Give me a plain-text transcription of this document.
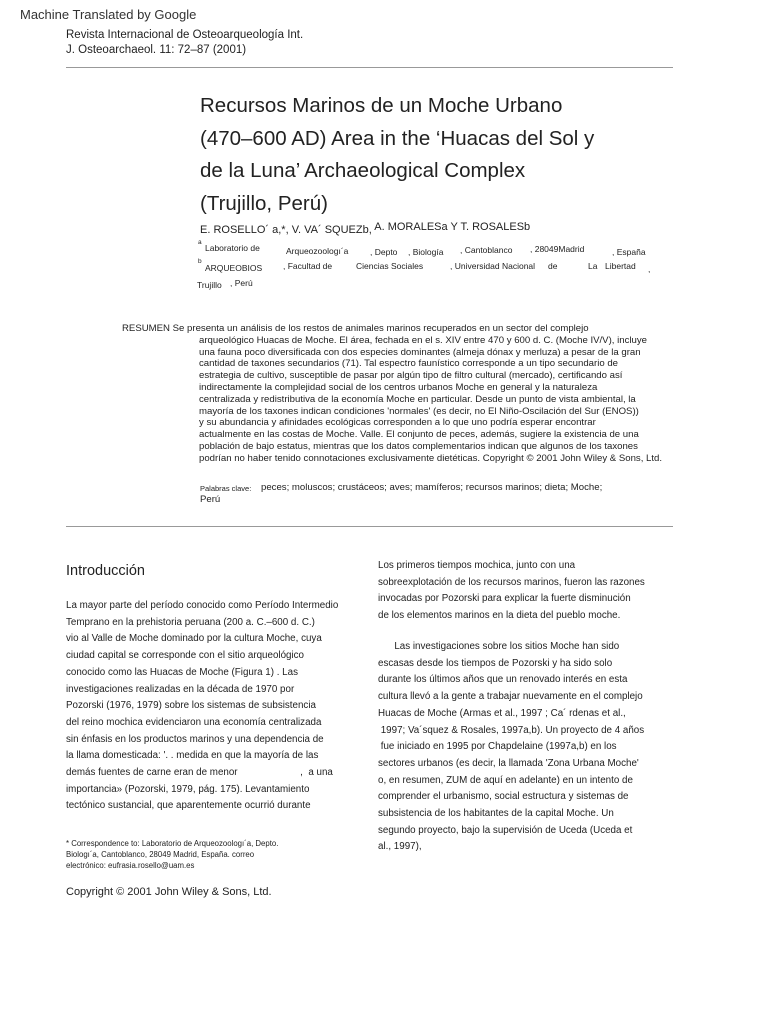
Machine Translated by Google
Revista Internacional de Osteoarqueología Int.
J. Osteoarchaeol. 11: 72–87 (2001)
Recursos Marinos de un Moche Urbano
(470–600 AD) Area in the ‘Huacas del Sol y
de la Luna’ Archaeological Complex
(Trujillo, Perú)
E. ROSELLO´ a,*, V. VA´ SQUEZb, A. MORALESa Y T. ROSALESb
a
Laboratorio de	Arqueozoologı´a	, Depto , Biología , Cantoblanco , 28049Madrid	, España
b
ARQUEOBIOS , Facultad de	Ciencias Sociales	, Universidad Nacional de	La Libertad ,
Trujillo , Perú
RESUMEN Se presenta un análisis de los restos de animales marinos recuperados en un sector del complejo
arqueológico Huacas de Moche. El área, fechada en el s. XIV entre 470 y 600 d. C. (Moche IV/V), incluye
una fauna poco diversificada con dos especies dominantes (almeja dónax y merluza) a pesar de la gran
cantidad de taxones secundarios (71). Tal espectro faunístico corresponde a un tipo secundario de
estrategia de cultivo, susceptible de pasar por algún tipo de filtro cultural (mercado), certificando así
indirectamente la complejidad social de los centros urbanos Moche en general y la naturaleza
centralizada y redistributiva de la economía Moche en particular. Desde un punto de vista ambiental, la
mayoría de los taxones indican condiciones 'normales' (es decir, no El Niño-Oscilación del Sur (ENOS))
y su abundancia y afinidades ecológicas corresponden a lo que uno podría esperar encontrar
actualmente en las costas de Moche. Valle. El conjunto de peces, además, sugiere la existencia de una
población de bajo estatus, mientras que los datos complementarios indican que algunos de los taxones
podrían no haber tenido connotaciones exclusivamente dietéticas. Copyright © 2001 John Wiley & Sons, Ltd.
Palabras clave: peces; moluscos; crustáceos; aves; mamíferos; recursos marinos; dieta; Moche;
Perú
Introducción
La mayor parte del período conocido como Período Intermedio
Temprano en la prehistoria peruana (200 a. C.–600 d. C.)
vio al Valle de Moche dominado por la cultura Moche, cuya
ciudad capital se corresponde con el sitio arqueológico
conocido como las Huacas de Moche (Figura 1) . Las
investigaciones realizadas en la década de 1970 por
Pozorski (1976, 1979) sobre los sistemas de subsistencia
del reino mochica evidenciaron una economía centralizada
sin énfasis en los productos marinos y una dependencia de
la llama domesticada: '. . medida en que la mayoría de las
demás fuentes de carne eran de menor                       ,  a una
importancia» (Pozorski, 1979, pág. 175). Levantamiento
tectónico sustancial, que aparentemente ocurrió durante
Los primeros tiempos mochica, junto con una
sobreexplotación de los recursos marinos, fueron las razones
invocadas por Pozorski para explicar la fuerte disminución
de los elementos marinos en la dieta del pueblo moche.
Las investigaciones sobre los sitios Moche han sido
escasas desde los tiempos de Pozorski y ha sido solo
durante los últimos años que un renovado interés en esta
cultura llevó a la gente a trabajar nuevamente en el complejo
Huacas de Moche (Armas et al., 1997 ; Ca´ rdenas et al.,
1997; Va´squez & Rosales, 1997a,b). Un proyecto de 4 años
fue iniciado en 1995 por Chapdelaine (1997a,b) en los
sectores urbanos (es decir, la llamada 'Zona Urbana Moche'
o, en resumen, ZUM de aquí en adelante) en un intento de
comprender el urbanismo, social estructura y sistemas de
subsistencia de los habitantes de la capital Moche. Un
segundo proyecto, bajo la supervisión de Uceda (Uceda et
al., 1997),
* Correspondence to: Laboratorio de Arqueozoologı´a, Depto.
Biologı´a, Cantoblanco, 28049 Madrid, España. correo
electrónico: eufrasia.rosello@uam.es
Copyright © 2001 John Wiley & Sons, Ltd.
